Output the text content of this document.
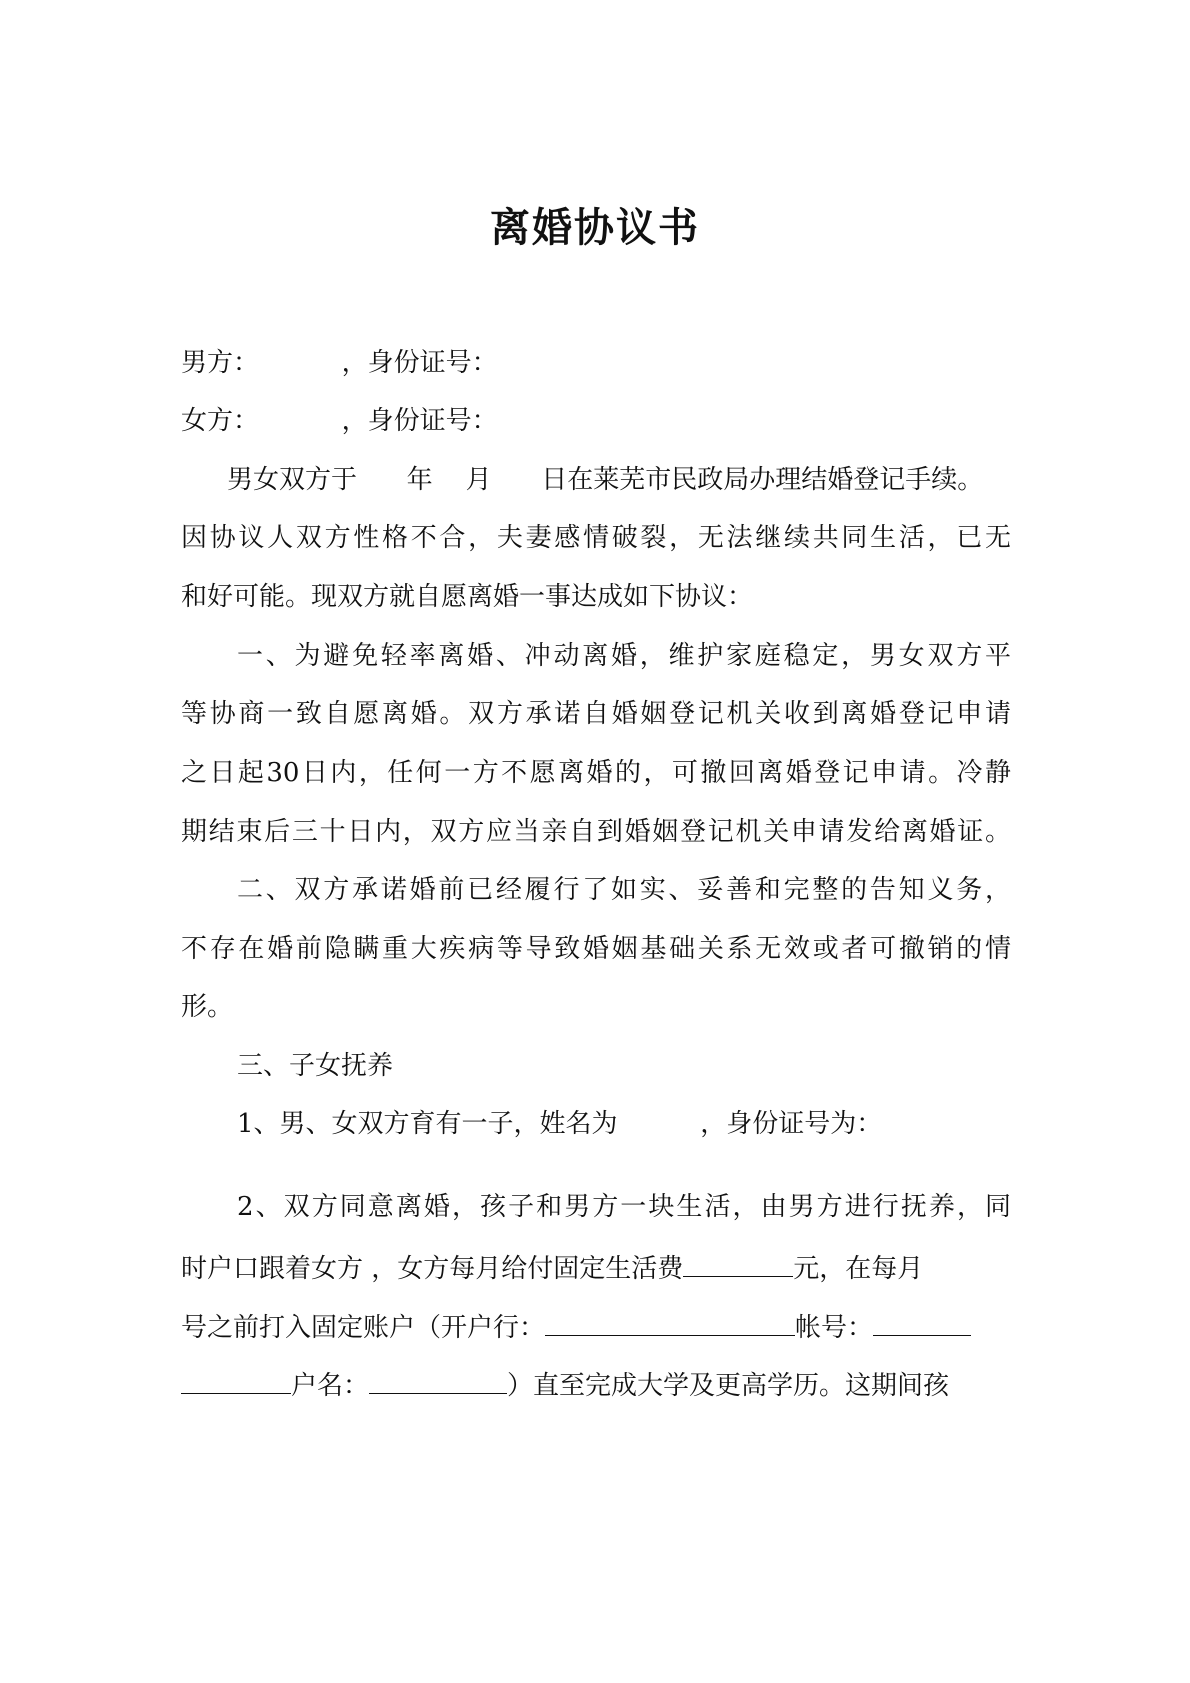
离婚协议书

男方：          ，身份证号：

女方：          ，身份证号：

男女双方于      年    月      日在莱芜市民政局办理结婚登记手续。

因协议人双方性格不合，夫妻感情破裂，无法继续共同生活，已无

和好可能。现双方就自愿离婚一事达成如下协议：

一、为避免轻率离婚、冲动离婚，维护家庭稳定，男女双方平

等协商一致自愿离婚。双方承诺自婚姻登记机关收到离婚登记申请

之日起30日内，任何一方不愿离婚的，可撤回离婚登记申请。冷静

期结束后三十日内，双方应当亲自到婚姻登记机关申请发给离婚证。

二、双方承诺婚前已经履行了如实、妥善和完整的告知义务，

不存在婚前隐瞒重大疾病等导致婚姻基础关系无效或者可撤销的情

形。

三、子女抚养

1、男、女双方育有一子，姓名为          ，身份证号为：

2、双方同意离婚，孩子和男方一块生活，由男方进行抚养，同

时户口跟着女方 ，女方每月给付固定生活费	元，在每月

号之前打入固定账户（开户行：	帐号：

户名：	）直至完成大学及更高学历。这期间孩
